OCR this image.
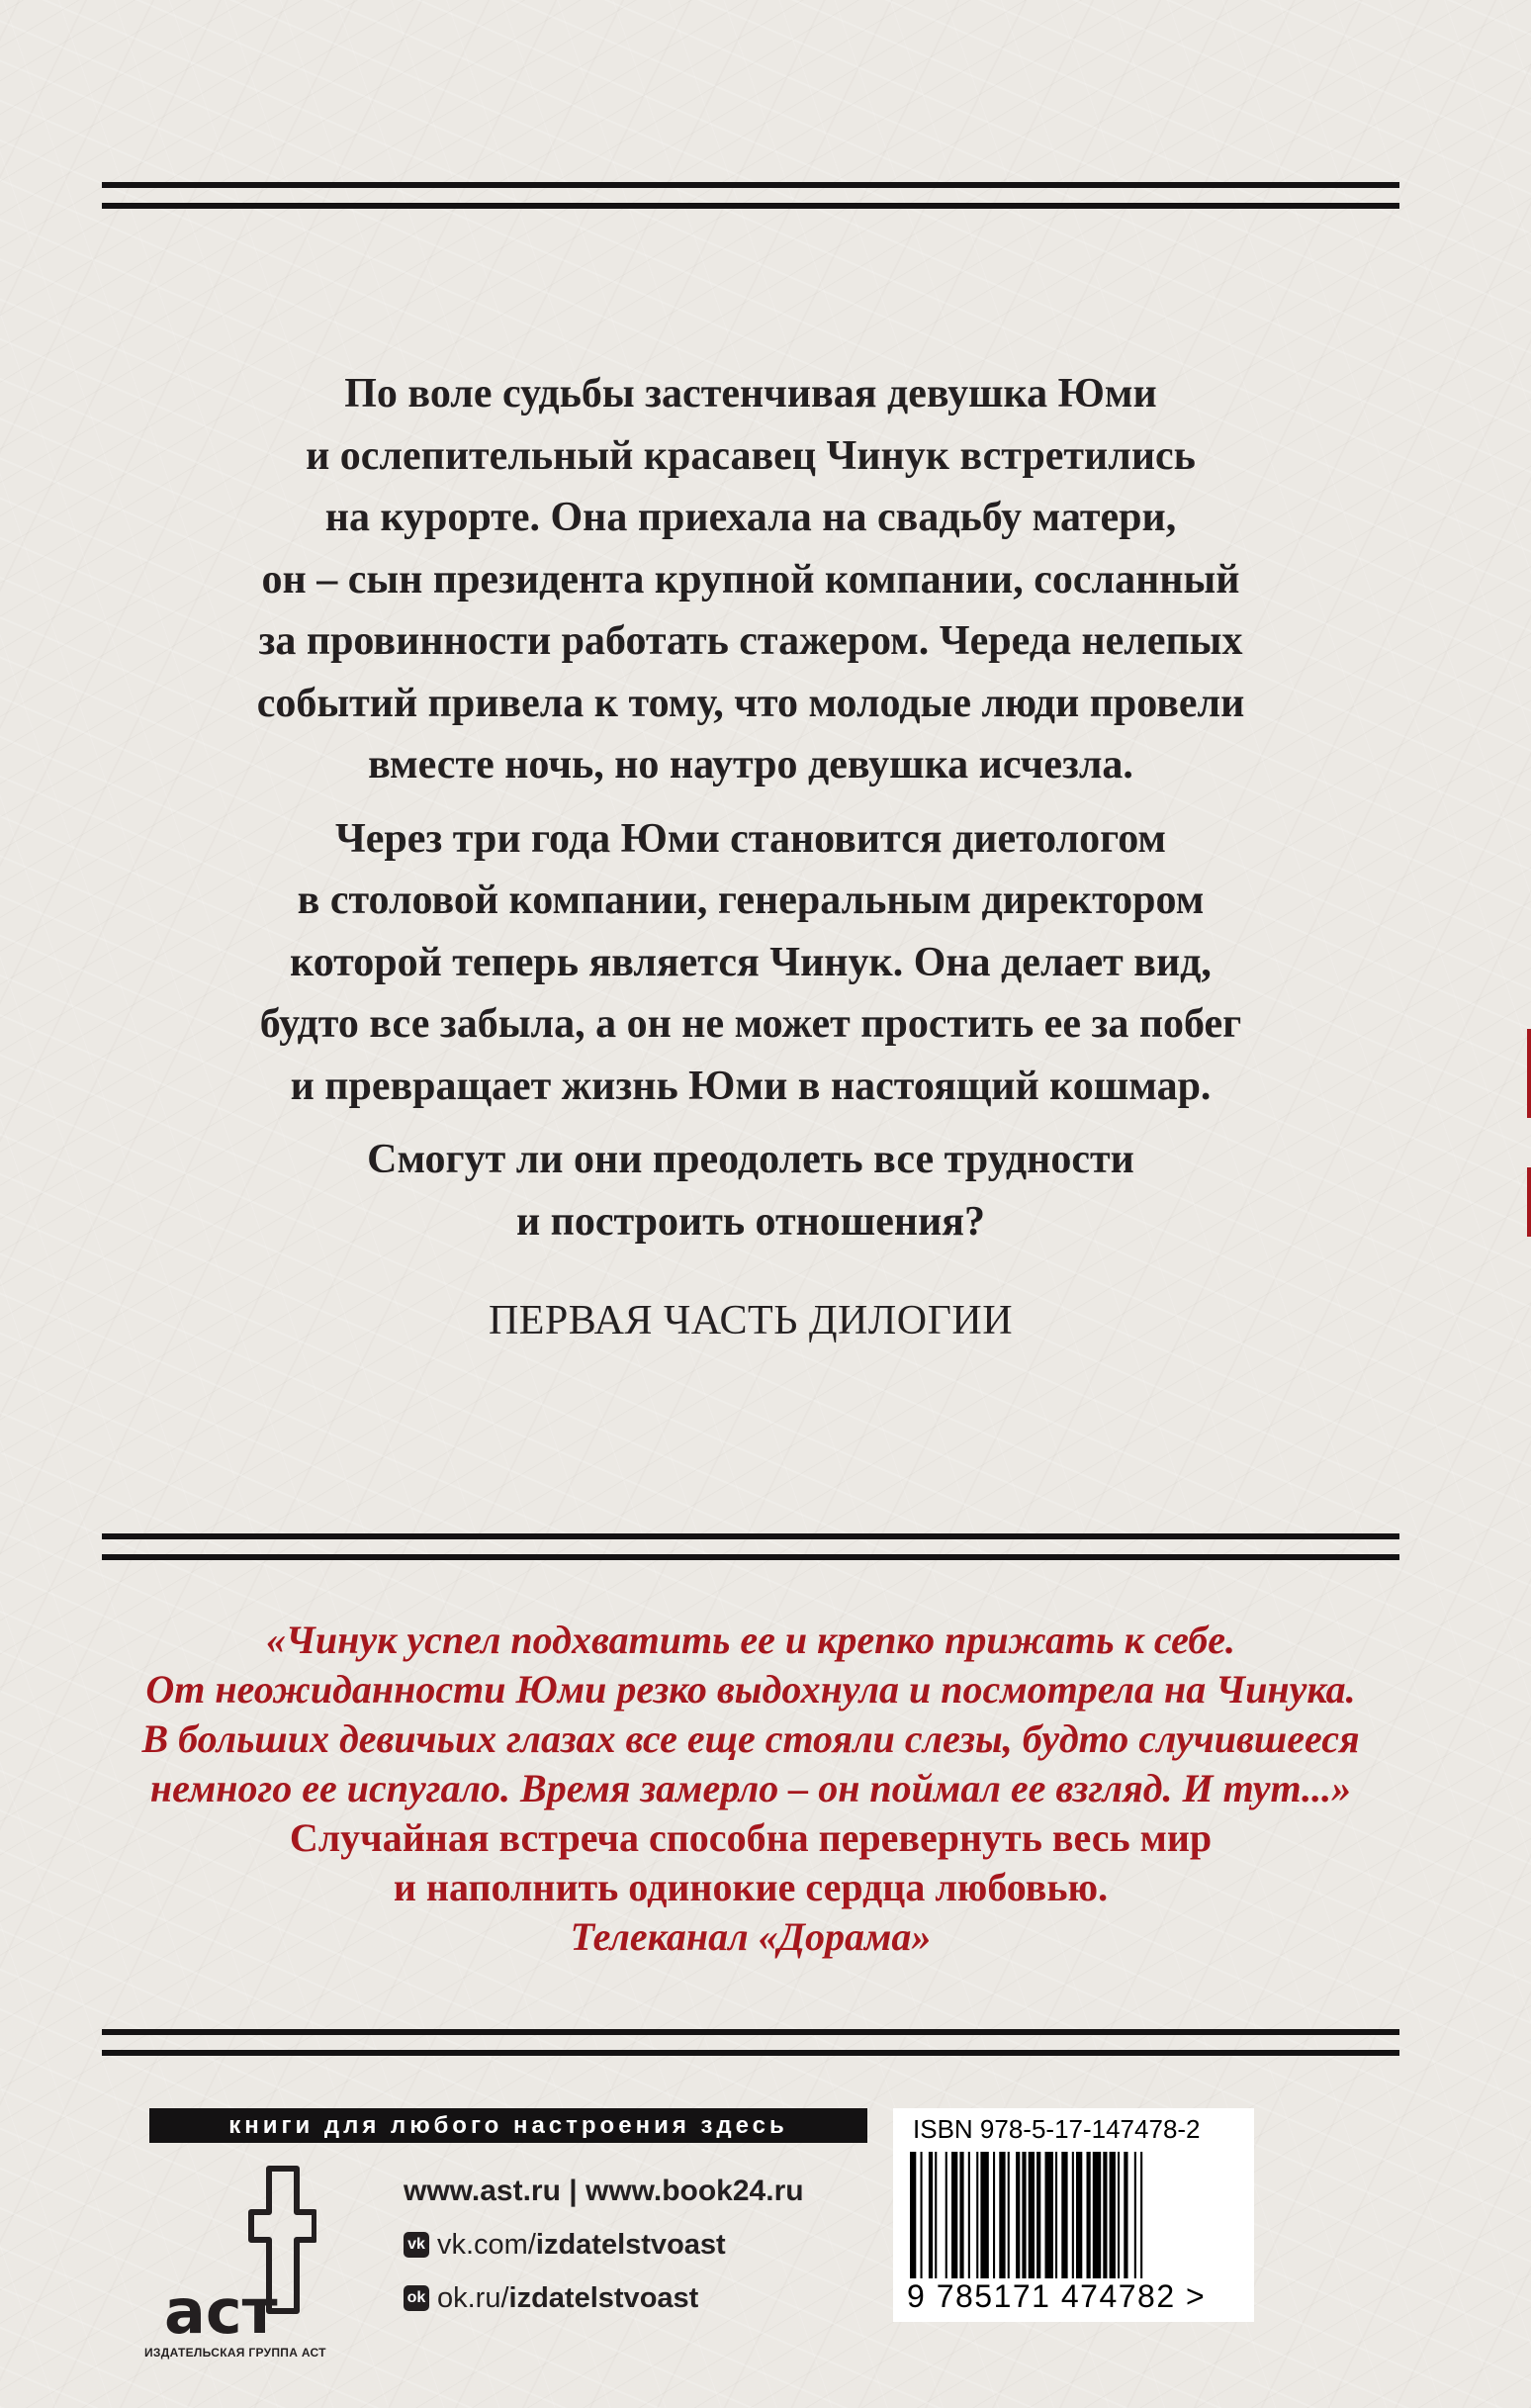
По воле судьбы застенчивая девушка Юми
и ослепительный красавец Чинук встретились
на курорте. Она приехала на свадьбу матери,
он – сын президента крупной компании, сосланный
за провинности работать стажером. Череда нелепых
событий привела к тому, что молодые люди провели
вместе ночь, но наутро девушка исчезла.

Через три года Юми становится диетологом
в столовой компании, генеральным директором
которой теперь является Чинук. Она делает вид,
будто все забыла, а он не может простить ее за побег
и превращает жизнь Юми в настоящий кошмар.

Смогут ли они преодолеть все трудности
и построить отношения?

ПЕРВАЯ ЧАСТЬ ДИЛОГИИ
«Чинук успел подхватить ее и крепко прижать к себе.
От неожиданности Юми резко выдохнула и посмотрела на Чинука.
В больших девичьих глазах все еще стояли слезы, будто случившееся
немного ее испугало. Время замерло – он поймал ее взгляд. И тут...»
Случайная встреча способна перевернуть весь мир
и наполнить одинокие сердца любовью.
Телеканал «Дорама»
книги для любого настроения здесь
аст
ИЗДАТЕЛЬСКАЯ ГРУППА АСТ
www.ast.ru | www.book24.ru
vk vk.com/ izdatelstvoast
ok ok.ru/ izdatelstvoast
ISBN 978-5-17-147478-2
9 785171 474782 >
